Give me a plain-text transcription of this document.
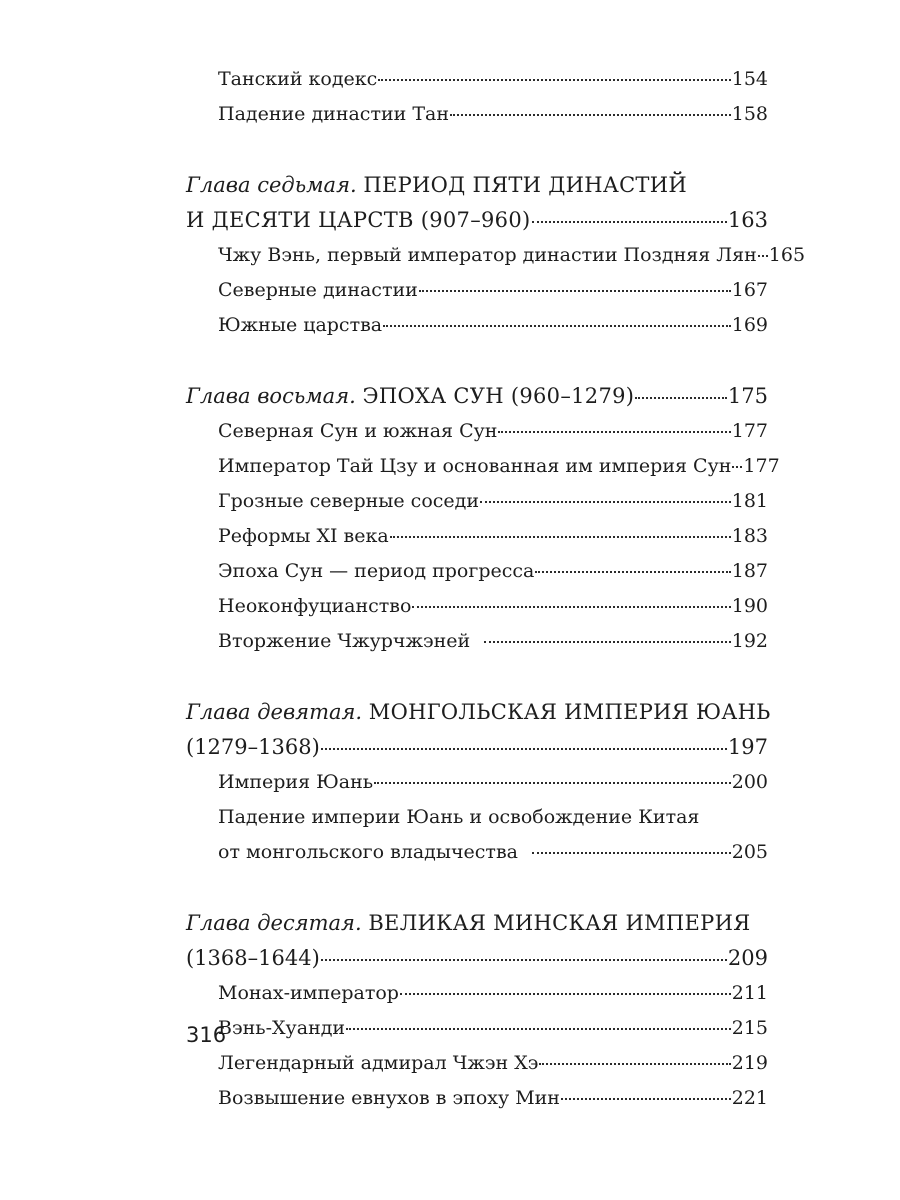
Танский кодекс	154
Падение династии Тан	158
Глава седьмая. ПЕРИОД ПЯТИ ДИНАСТИЙ
И ДЕСЯТИ ЦАРСТВ (907–960)	163
Чжу Вэнь, первый император династии Поздняя Лян 165
Северные династии	167
Южные царства	169
Глава восьмая. ЭПОХА СУН (960–1279)	175
Северная Сун и южная Сун	177
Император Тай Цзу и основанная им империя Сун 177
Грозные северные соседи	181
Реформы XI века	183
Эпоха Сун — период прогресса	187
Неоконфуцианство	190
Вторжение Чжурчжэней	192
Глава девятая. МОНГОЛЬСКАЯ ИМПЕРИЯ ЮАНЬ
(1279–1368)	197
Империя Юань	200
Падение империи Юань и освобождение Китая
от монгольского владычества	205
Глава десятая. ВЕЛИКАЯ МИНСКАЯ ИМПЕРИЯ
(1368–1644)	209
Монах-император	211
Вэнь-Хуанди	215
Легендарный адмирал Чжэн Хэ	219
Возвышение евнухов в эпоху Мин	221
316
